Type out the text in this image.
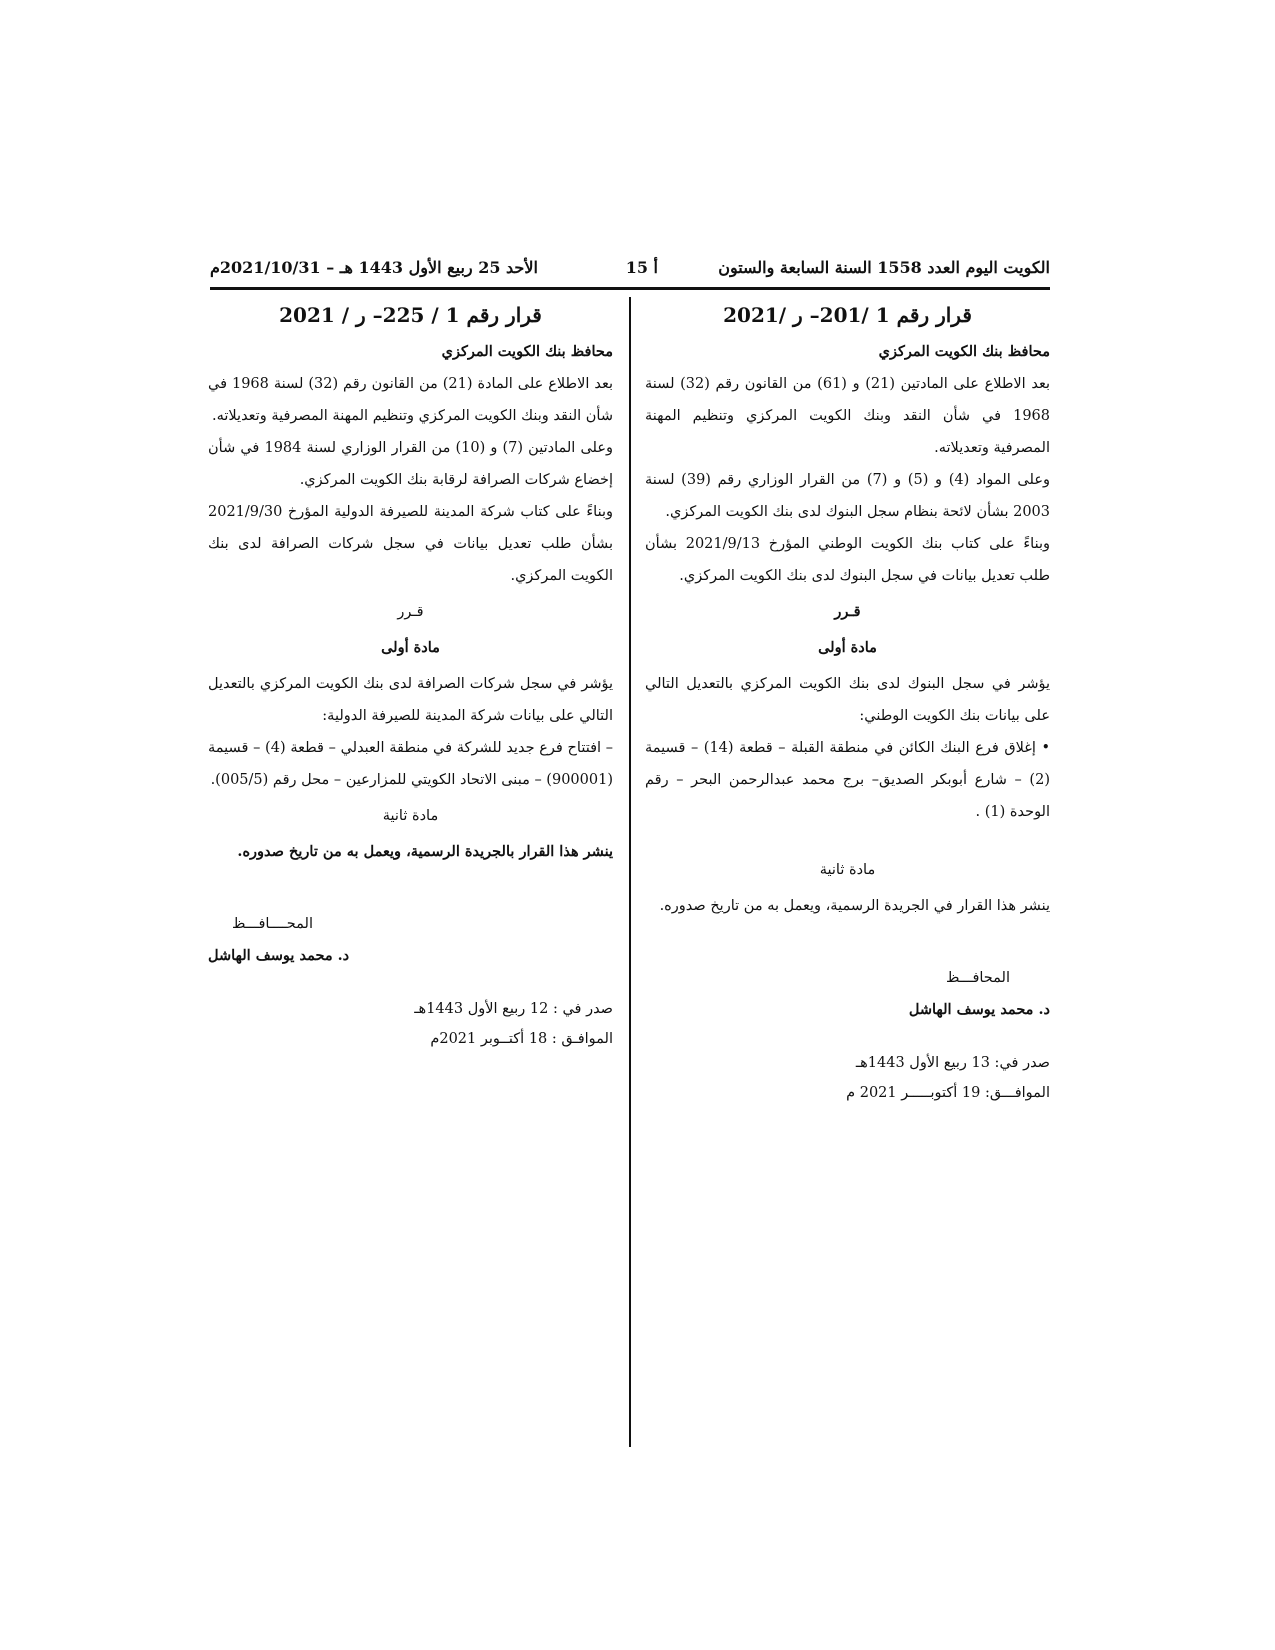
الكويت اليوم العدد 1558 السنة السابعة والستون
أ 15
الأحد 25 ربيع الأول 1443 هـ – 2021/10/31م

قرار رقم 1 /201– ر /2021

محافظ بنك الكويت المركزي

بعد الاطلاع على المادتين (21) و (61) من القانون رقم (32) لسنة 1968 في شأن النقد وبنك الكويت المركزي وتنظيم المهنة المصرفية وتعديلاته.

وعلى المواد (4) و (5) و (7) من القرار الوزاري رقم (39) لسنة 2003 بشأن لائحة بنظام سجل البنوك لدى بنك الكويت المركزي.

وبناءً على كتاب بنك الكويت الوطني المؤرخ 2021/9/13 بشأن طلب تعديل بيانات في سجل البنوك لدى بنك الكويت المركزي.

قـرر

مادة أولى

يؤشر في سجل البنوك لدى بنك الكويت المركزي بالتعديل التالي على بيانات بنك الكويت الوطني:

• إغلاق فرع البنك الكائن في منطقة القبلة – قطعة (14) – قسيمة (2) – شارع أبوبكر الصديق– برج محمد عبدالرحمن البحر – رقم الوحدة (1) .

مادة ثانية

ينشر هذا القرار في الجريدة الرسمية، ويعمل به من تاريخ صدوره.

المحافـــظ

د. محمد يوسف الهاشل

صدر في: 13 ربيع الأول 1443هـ

الموافـــق: 19 أكتوبـــــر 2021 م

قرار رقم 1 / 225– ر / 2021

محافظ بنك الكويت المركزي

بعد الاطلاع على المادة (21) من القانون رقم (32) لسنة 1968 في شأن النقد وبنك الكويت المركزي وتنظيم المهنة المصرفية وتعديلاته.

وعلى المادتين (7) و (10) من القرار الوزاري لسنة 1984 في شأن إخضاع شركات الصرافة لرقابة بنك الكويت المركزي.

وبناءً على كتاب شركة المدينة للصيرفة الدولية المؤرخ 2021/9/30 بشأن طلب تعديل بيانات في سجل شركات الصرافة لدى بنك الكويت المركزي.

قـرر

مادة أولى

يؤشر في سجل شركات الصرافة لدى بنك الكويت المركزي بالتعديل التالي على بيانات شركة المدينة للصيرفة الدولية:

– افتتاح فرع جديد للشركة في منطقة العبدلي – قطعة (4) – قسيمة (900001) – مبنى الاتحاد الكويتي للمزارعين – محل رقم (005/5).

مادة ثانية

ينشر هذا القرار بالجريدة الرسمية، ويعمل به من تاريخ صدوره.

المحــــافـــظ

د. محمد يوسف الهاشل

صدر في : 12 ربيع الأول 1443هـ

الموافـق : 18 أكتــوبر 2021م
